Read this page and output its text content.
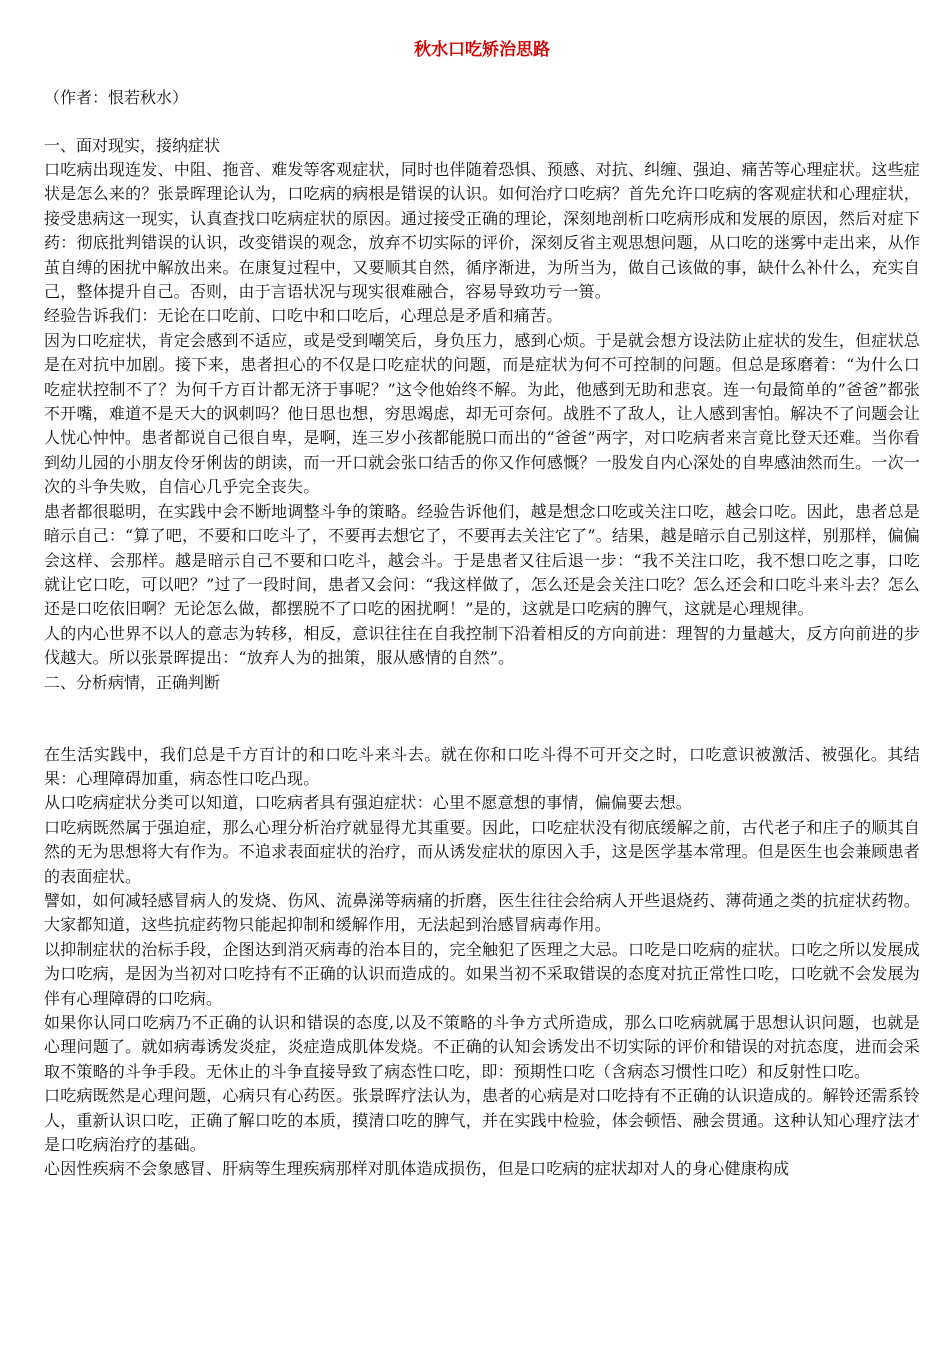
秋水口吃矫治思路
（作者：恨若秋水）
一、面对现实，接纳症状

口吃病出现连发、中阻、拖音、难发等客观症状，同时也伴随着恐惧、预感、对抗、纠缠、强迫、痛苦等心理症状。这些症状是怎么来的？张景晖理论认为，口吃病的病根是错误的认识。如何治疗口吃病？首先允许口吃病的客观症状和心理症状，接受患病这一现实，认真查找口吃病症状的原因。通过接受正确的理论，深刻地剖析口吃病形成和发展的原因，然后对症下药：彻底批判错误的认识，改变错误的观念，放弃不切实际的评价，深刻反省主观思想问题，从口吃的迷雾中走出来，从作茧自缚的困扰中解放出来。在康复过程中，又要顺其自然，循序渐进，为所当为，做自己该做的事，缺什么补什么，充实自己，整体提升自己。否则，由于言语状况与现实很难融合，容易导致功亏一篑。

经验告诉我们：无论在口吃前、口吃中和口吃后，心理总是矛盾和痛苦。

因为口吃症状，肯定会感到不适应，或是受到嘲笑后，身负压力，感到心烦。于是就会想方设法防止症状的发生，但症状总是在对抗中加剧。接下来，患者担心的不仅是口吃症状的问题，而是症状为何不可控制的问题。但总是琢磨着：“为什么口吃症状控制不了？为何千方百计都无济于事呢？”这令他始终不解。为此，他感到无助和悲哀。连一句最简单的”爸爸”都张不开嘴，难道不是天大的讽刺吗？他日思也想，穷思竭虑，却无可奈何。战胜不了敌人，让人感到害怕。解决不了问题会让人忧心忡忡。患者都说自己很自卑，是啊，连三岁小孩都能脱口而出的“爸爸”两字，对口吃病者来言竟比登天还难。当你看到幼儿园的小朋友伶牙俐齿的朗读，而一开口就会张口结舌的你又作何感慨？一股发自内心深处的自卑感油然而生。一次一次的斗争失败，自信心几乎完全丧失。

患者都很聪明，在实践中会不断地调整斗争的策略。经验告诉他们，越是想念口吃或关注口吃，越会口吃。因此，患者总是暗示自己：“算了吧，不要和口吃斗了，不要再去想它了，不要再去关注它了”。结果，越是暗示自己别这样，别那样，偏偏会这样、会那样。越是暗示自己不要和口吃斗，越会斗。于是患者又往后退一步：“我不关注口吃，我不想口吃之事，口吃就让它口吃，可以吧？”过了一段时间，患者又会问：“我这样做了，怎么还是会关注口吃？怎么还会和口吃斗来斗去？怎么还是口吃依旧啊？无论怎么做，都摆脱不了口吃的困扰啊！”是的，这就是口吃病的脾气，这就是心理规律。

人的内心世界不以人的意志为转移，相反，意识往往在自我控制下沿着相反的方向前进：理智的力量越大，反方向前进的步伐越大。所以张景晖提出：“放弃人为的拙策，服从感情的自然”。

二、分析病情，正确判断

在生活实践中，我们总是千方百计的和口吃斗来斗去。就在你和口吃斗得不可开交之时，口吃意识被激活、被强化。其结果：心理障碍加重，病态性口吃凸现。

从口吃病症状分类可以知道，口吃病者具有强迫症状：心里不愿意想的事情，偏偏要去想。

口吃病既然属于强迫症，那么心理分析治疗就显得尤其重要。因此，口吃症状没有彻底缓解之前，古代老子和庄子的顺其自然的无为思想将大有作为。不追求表面症状的治疗，而从诱发症状的原因入手，这是医学基本常理。但是医生也会兼顾患者的表面症状。

譬如，如何减轻感冒病人的发烧、伤风、流鼻涕等病痛的折磨，医生往往会给病人开些退烧药、薄荷通之类的抗症状药物。大家都知道，这些抗症药物只能起抑制和缓解作用，无法起到治感冒病毒作用。

以抑制症状的治标手段，企图达到消灭病毒的治本目的，完全触犯了医理之大忌。口吃是口吃病的症状。口吃之所以发展成为口吃病，是因为当初对口吃持有不正确的认识而造成的。如果当初不采取错误的态度对抗正常性口吃，口吃就不会发展为伴有心理障碍的口吃病。

如果你认同口吃病乃不正确的认识和错误的态度,以及不策略的斗争方式所造成，那么口吃病就属于思想认识问题，也就是心理问题了。就如病毒诱发炎症，炎症造成肌体发烧。不正确的认知会诱发出不切实际的评价和错误的对抗态度，进而会采取不策略的斗争手段。无休止的斗争直接导致了病态性口吃，即：预期性口吃（含病态习惯性口吃）和反射性口吃。

口吃病既然是心理问题，心病只有心药医。张景晖疗法认为，患者的心病是对口吃持有不正确的认识造成的。解铃还需系铃人，重新认识口吃，正确了解口吃的本质，摸清口吃的脾气，并在实践中检验，体会顿悟、融会贯通。这种认知心理疗法才是口吃病治疗的基础。

心因性疾病不会象感冒、肝病等生理疾病那样对肌体造成损伤，但是口吃病的症状却对人的身心健康构成
